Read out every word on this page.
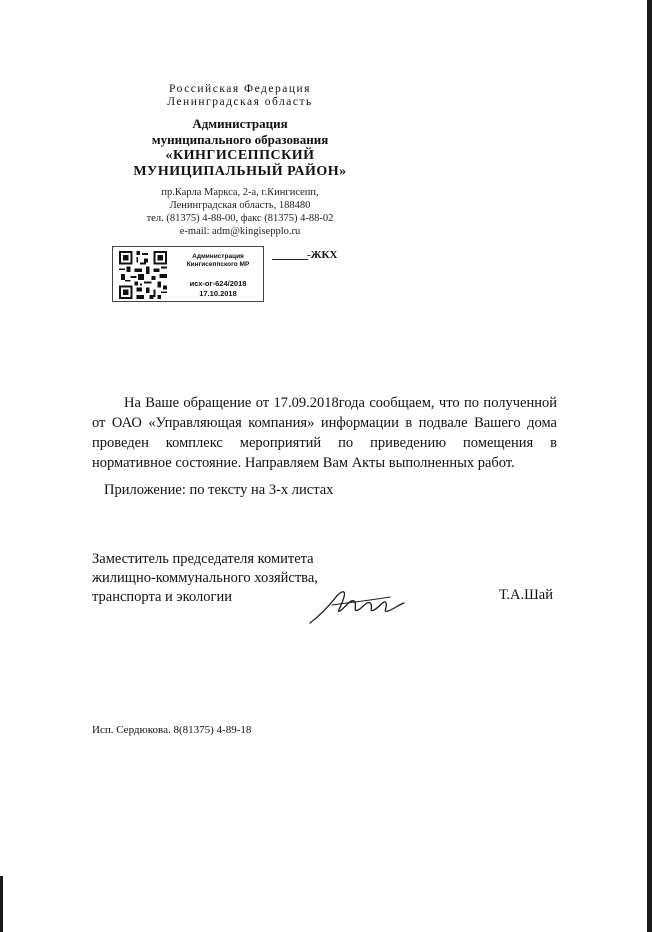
Российская Федерация
Ленинградская область
Администрация
муниципального образования
«КИНГИСЕППСКИЙ
МУНИЦИПАЛЬНЫЙ РАЙОН»
пр.Карла Маркса, 2-а, г.Кингисепп,
Ленинградская область, 188480
тел. (81375) 4-88-00, факс (81375) 4-88-02
e-mail: adm@kingisepplo.ru
Администрация
Кингисеппского МР
исх-ог-624/2018
17.10.2018
-ЖКХ

На Ваше обращение от 17.09.2018года сообщаем, что по полученной от ОАО «Управляющая компания» информации в подвале Вашего дома проведен комплекс мероприятий по приведению помещения в нормативное состояние. Направляем Вам Акты выполненных работ.

Приложение: по тексту на 3-х листах
Заместитель председателя комитета
жилищно-коммунального хозяйства,
транспорта и экологии	Т.А.Шай
Исп. Сердюкова. 8(81375) 4-89-18
